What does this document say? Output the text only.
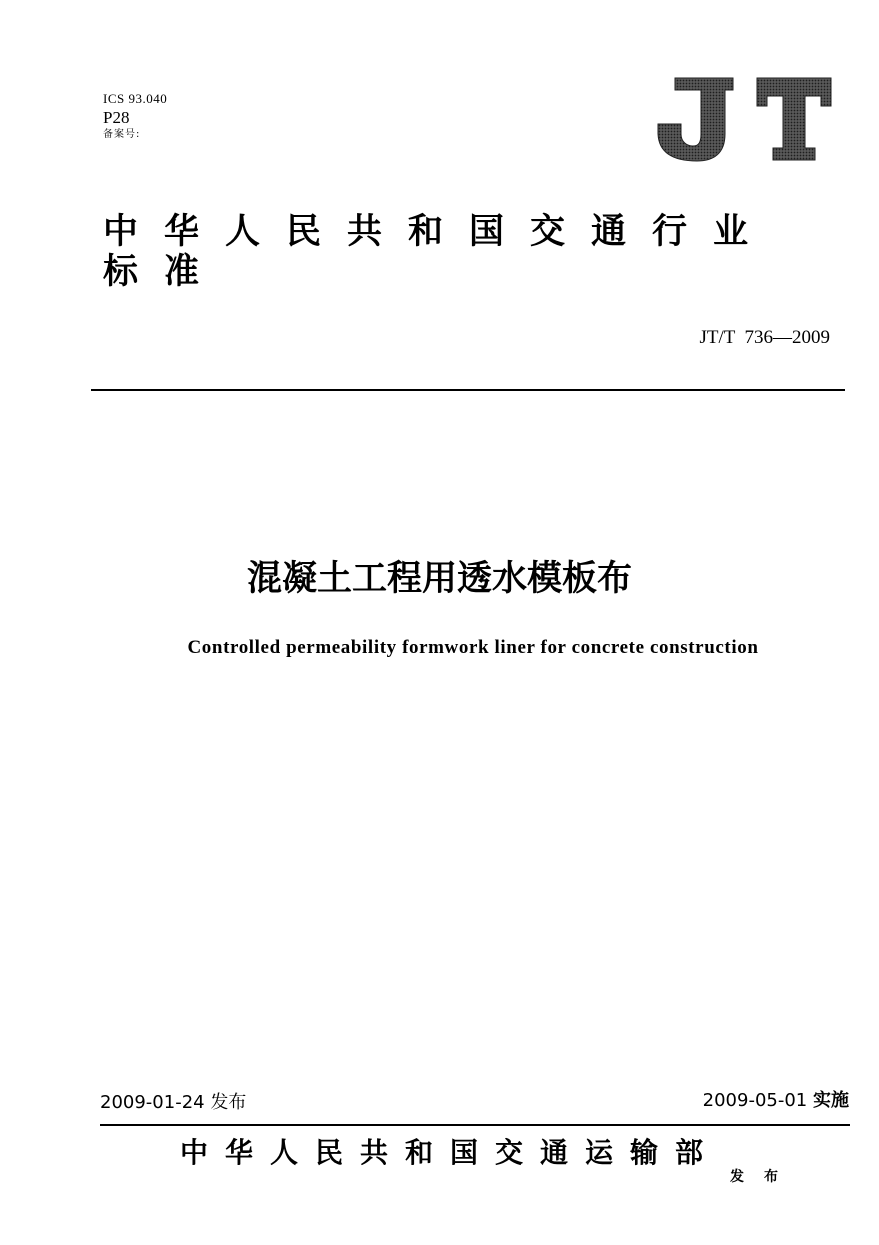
ICS 93.040
P28
备案号:
中华人民共和国交通行业标准
JT/T  736—2009
混凝土工程用透水模板布
Controlled permeability formwork liner for concrete construction
2009-01-24 发布	2009-05-01 实施
中华人民共和国交通运输部
发布
